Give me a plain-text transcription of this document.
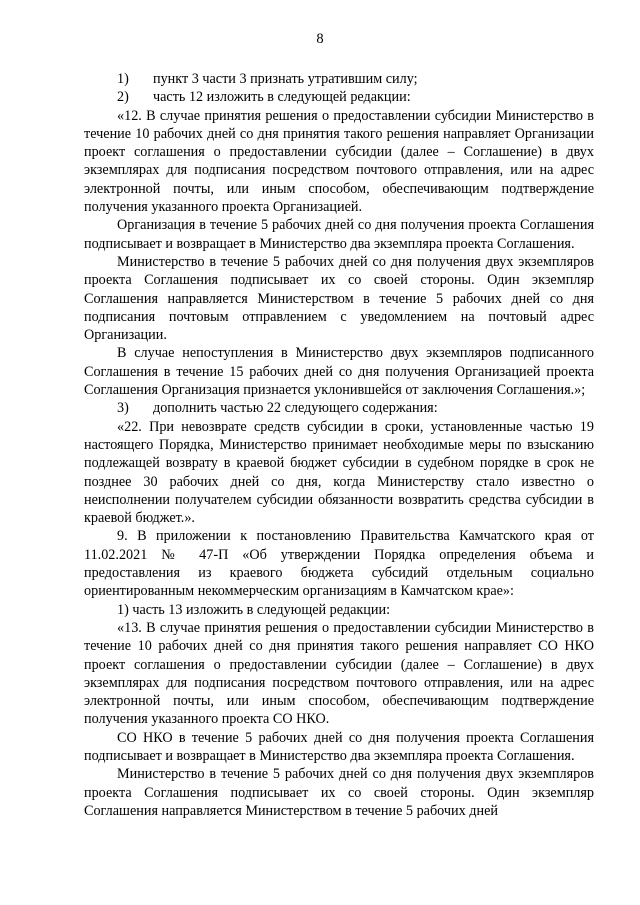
8

1) пункт 3 части 3 признать утратившим силу;

2) часть 12 изложить в следующей редакции:

«12. В случае принятия решения о предоставлении субсидии Министерство в течение 10 рабочих дней со дня принятия такого решения направляет Организации проект соглашения о предоставлении субсидии (далее – Соглашение) в двух экземплярах для подписания посредством почтового отправления, или на адрес электронной почты, или иным способом, обеспечивающим подтверждение получения указанного проекта Организацией.

Организация в течение 5 рабочих дней со дня получения проекта Соглашения подписывает и возвращает в Министерство два экземпляра проекта Соглашения.

Министерство в течение 5 рабочих дней со дня получения двух экземпляров проекта Соглашения подписывает их со своей стороны. Один экземпляр Соглашения направляется Министерством в течение 5 рабочих дней со дня подписания почтовым отправлением с уведомлением на почтовый адрес Организации.

В случае непоступления в Министерство двух экземпляров подписанного Соглашения в течение 15 рабочих дней со дня получения Организацией проекта Соглашения Организация признается уклонившейся от заключения Соглашения.»;

3) дополнить частью 22 следующего содержания:

«22. При невозврате средств субсидии в сроки, установленные частью 19 настоящего Порядка, Министерство принимает необходимые меры по взысканию подлежащей возврату в краевой бюджет субсидии в судебном порядке в срок не позднее 30 рабочих дней со дня, когда Министерству стало известно о неисполнении получателем субсидии обязанности возвратить средства субсидии в краевой бюджет.».

9. В приложении к постановлению Правительства Камчатского края от 11.02.2021 № 47-П «Об утверждении Порядка определения объема и предоставления из краевого бюджета субсидий отдельным социально ориентированным некоммерческим организациям в Камчатском крае»:

1) часть 13 изложить в следующей редакции:

«13. В случае принятия решения о предоставлении субсидии Министерство в течение 10 рабочих дней со дня принятия такого решения направляет СО НКО проект соглашения о предоставлении субсидии (далее – Соглашение) в двух экземплярах для подписания посредством почтового отправления, или на адрес электронной почты, или иным способом, обеспечивающим подтверждение получения указанного проекта СО НКО.

СО НКО в течение 5 рабочих дней со дня получения проекта Соглашения подписывает и возвращает в Министерство два экземпляра проекта Соглашения.

Министерство в течение 5 рабочих дней со дня получения двух экземпляров проекта Соглашения подписывает их со своей стороны. Один экземпляр Соглашения направляется Министерством в течение 5 рабочих дней
